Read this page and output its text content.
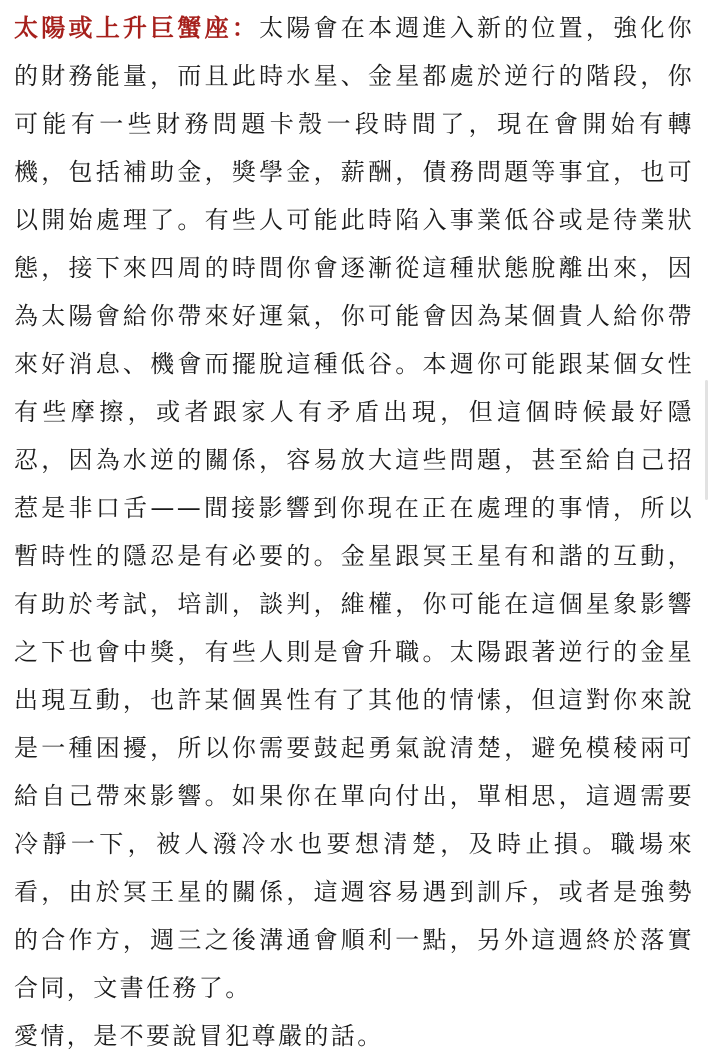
太陽或上升巨蟹座：太陽會在本週進入新的位置，強化你的財務能量，而且此時水星、金星都處於逆行的階段，你可能有一些財務問題卡殼一段時間了，現在會開始有轉機，包括補助金，獎學金，薪酬，債務問題等事宜，也可以開始處理了。有些人可能此時陷入事業低谷或是待業狀態，接下來四周的時間你會逐漸從這種狀態脫離出來，因為太陽會給你帶來好運氣，你可能會因為某個貴人給你帶來好消息、機會而擺脫這種低谷。本週你可能跟某個女性有些摩擦，或者跟家人有矛盾出現，但這個時候最好隱忍，因為水逆的關係，容易放大這些問題，甚至給自己招惹是非口舌——間接影響到你現在正在處理的事情，所以暫時性的隱忍是有必要的。金星跟冥王星有和諧的互動，有助於考試，培訓，談判，維權，你可能在這個星象影響之下也會中獎，有些人則是會升職。太陽跟著逆行的金星出現互動，也許某個異性有了其他的情愫，但這對你來說是一種困擾，所以你需要鼓起勇氣說清楚，避免模稜兩可給自己帶來影響。如果你在單向付出，單相思，這週需要冷靜一下，被人潑冷水也要想清楚，及時止損。職場來看，由於冥王星的關係，這週容易遇到訓斥，或者是強勢的合作方，週三之後溝通會順利一點，另外這週終於落實合同，文書任務了。

愛情，是不要說冒犯尊嚴的話。
